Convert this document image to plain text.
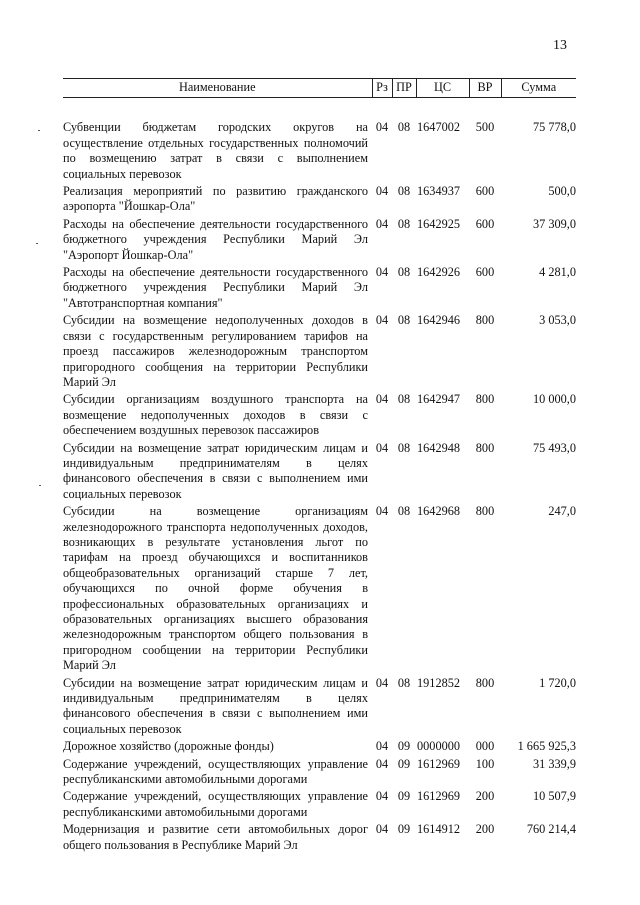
13
Наименование	Рз	ПР	ЦС	ВР	Сумма
Субвенции бюджетам городских округов на осуществление отдельных государственных полномочий по возмещению затрат в связи с выполнением социальных перевозок	04	08	1647002	500	75 778,0
Реализация мероприятий по развитию гражданского аэропорта "Йошкар-Ола"	04	08	1634937	600	500,0
Расходы на обеспечение деятельности государственного бюджетного учреждения Республики Марий Эл "Аэропорт Йошкар-Ола"	04	08	1642925	600	37 309,0
Расходы на обеспечение деятельности государственного бюджетного учреждения Республики Марий Эл "Автотранспортная компания"	04	08	1642926	600	4 281,0
Субсидии на возмещение недополученных доходов в связи с государственным регулированием тарифов на проезд пассажиров железнодорожным транспортом пригородного сообщения на территории Республики Марий Эл	04	08	1642946	800	3 053,0
Субсидии организациям воздушного транспорта на возмещение недополученных доходов в связи с обеспечением воздушных перевозок пассажиров	04	08	1642947	800	10 000,0
Субсидии на возмещение затрат юридическим лицам и индивидуальным предпринимателям в целях финансового обеспечения в связи с выполнением ими социальных перевозок	04	08	1642948	800	75 493,0
Субсидии на возмещение организациям железнодорожного транспорта недополученных доходов, возникающих в результате установления льгот по тарифам на проезд обучающихся и воспитанников общеобразовательных организаций старше 7 лет, обучающихся по очной форме обучения в профессиональных образовательных организациях и образовательных организациях высшего образования железнодорожным транспортом общего пользования в пригородном сообщении на территории Республики Марий Эл	04	08	1642968	800	247,0
Субсидии на возмещение затрат юридическим лицам и индивидуальным предпринимателям в целях финансового обеспечения в связи с выполнением ими социальных перевозок	04	08	1912852	800	1 720,0
Дорожное хозяйство (дорожные фонды)	04	09	0000000	000	1 665 925,3
Содержание учреждений, осуществляющих управление республиканскими автомобильными дорогами	04	09	1612969	100	31 339,9
Содержание учреждений, осуществляющих управление республиканскими автомобильными дорогами	04	09	1612969	200	10 507,9
Модернизация и развитие сети автомобильных дорог общего пользования в Республике Марий Эл	04	09	1614912	200	760 214,4
